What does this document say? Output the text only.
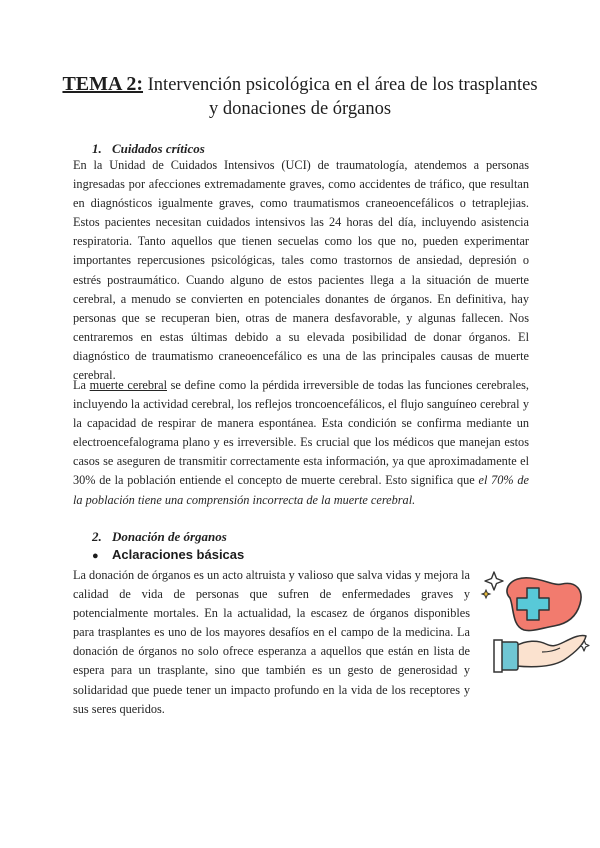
TEMA 2: Intervención psicológica en el área de los trasplantes y donaciones de órganos
1. Cuidados críticos

En la Unidad de Cuidados Intensivos (UCI) de traumatología, atendemos a personas ingresadas por afecciones extremadamente graves, como accidentes de tráfico, que resultan en diagnósticos igualmente graves, como traumatismos craneoencefálicos o tetraplejias. Estos pacientes necesitan cuidados intensivos las 24 horas del día, incluyendo asistencia respiratoria. Tanto aquellos que tienen secuelas como los que no, pueden experimentar importantes repercusiones psicológicas, tales como trastornos de ansiedad, depresión o estrés postraumático. Cuando alguno de estos pacientes llega a la situación de muerte cerebral, a menudo se convierten en potenciales donantes de órganos. En definitiva, hay personas que se recuperan bien, otras de manera desfavorable, y algunas fallecen. Nos centraremos en estas últimas debido a su elevada posibilidad de donar órganos. El diagnóstico de traumatismo craneoencefálico es una de las principales causas de muerte cerebral.

La muerte cerebral se define como la pérdida irreversible de todas las funciones cerebrales, incluyendo la actividad cerebral, los reflejos troncoencefálicos, el flujo sanguíneo cerebral y la capacidad de respirar de manera espontánea. Esta condición se confirma mediante un electroencefalograma plano y es irreversible. Es crucial que los médicos que manejan estos casos se aseguren de transmitir correctamente esta información, ya que aproximadamente el 30% de la población entiende el concepto de muerte cerebral. Esto significa que el 70% de la población tiene una comprensión incorrecta de la muerte cerebral.

2. Donación de órganos
● Aclaraciones básicas

La donación de órganos es un acto altruista y valioso que salva vidas y mejora la calidad de vida de personas que sufren de enfermedades graves y potencialmente mortales. En la actualidad, la escasez de órganos disponibles para trasplantes es uno de los mayores desafíos en el campo de la medicina. La donación de órganos no solo ofrece esperanza a aquellos que están en lista de espera para un trasplante, sino que también es un gesto de generosidad y solidaridad que puede tener un impacto profundo en la vida de los receptores y sus seres queridos.
